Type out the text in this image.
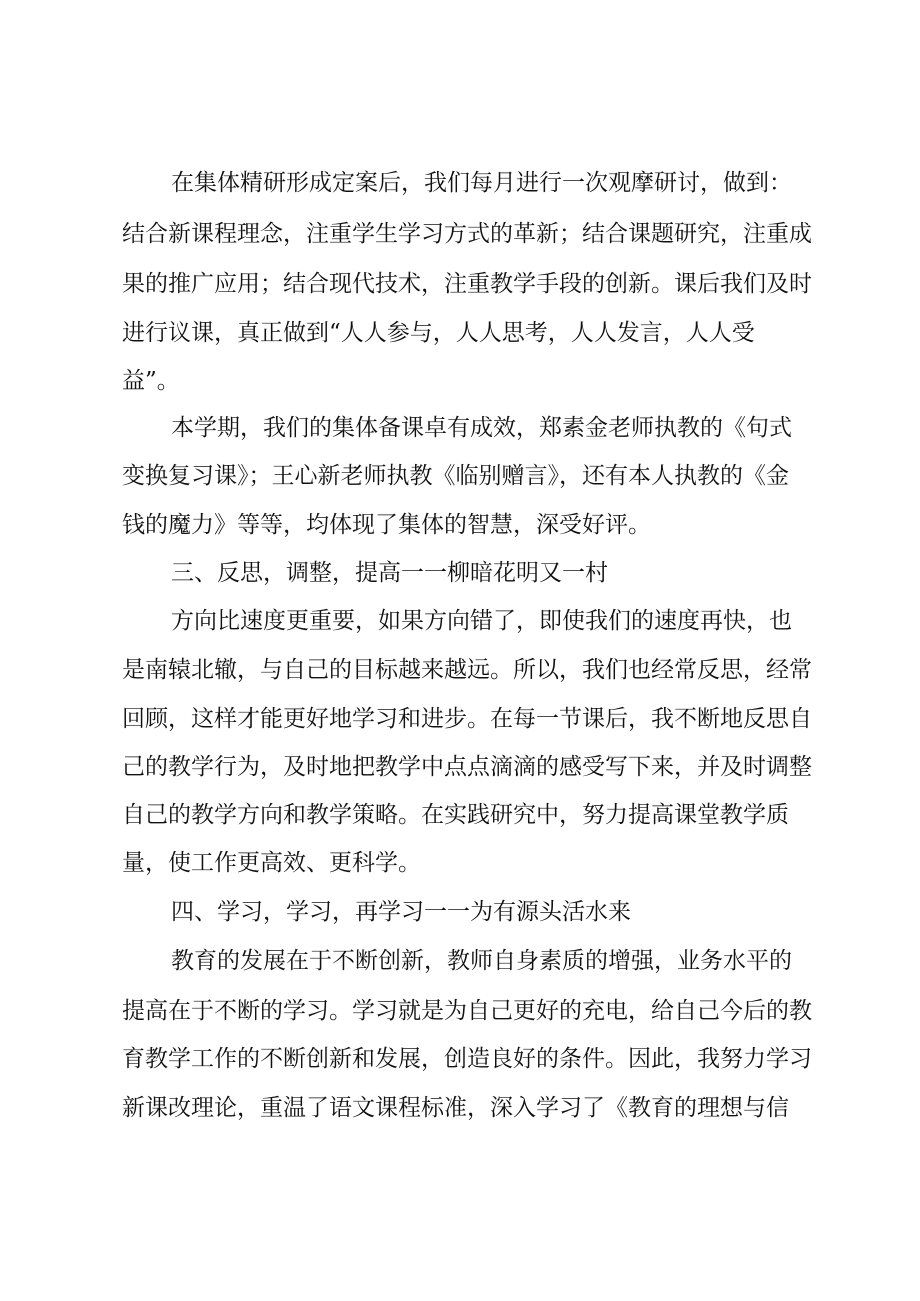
在集体精研形成定案后，我们每月进行一次观摩研讨，做到：

结合新课程理念，注重学生学习方式的革新；结合课题研究，注重成

果的推广应用；结合现代技术，注重教学手段的创新。课后我们及时

进行议课，真正做到“人人参与，人人思考，人人发言，人人受

益”。

本学期，我们的集体备课卓有成效，郑素金老师执教的《句式

变换复习课》；王心新老师执教《临别赠言》，还有本人执教的《金

钱的魔力》等等，均体现了集体的智慧，深受好评。

三、反思，调整，提高一一柳暗花明又一村

方向比速度更重要，如果方向错了，即使我们的速度再快，也

是南辕北辙，与自己的目标越来越远。所以，我们也经常反思，经常

回顾，这样才能更好地学习和进步。在每一节课后，我不断地反思自

己的教学行为，及时地把教学中点点滴滴的感受写下来，并及时调整

自己的教学方向和教学策略。在实践研究中，努力提高课堂教学质

量，使工作更高效、更科学。

四、学习，学习，再学习一一为有源头活水来

教育的发展在于不断创新，教师自身素质的增强，业务水平的

提高在于不断的学习。学习就是为自己更好的充电，给自己今后的教

育教学工作的不断创新和发展，创造良好的条件。因此，我努力学习

新课改理论，重温了语文课程标准，深入学习了《教育的理想与信
